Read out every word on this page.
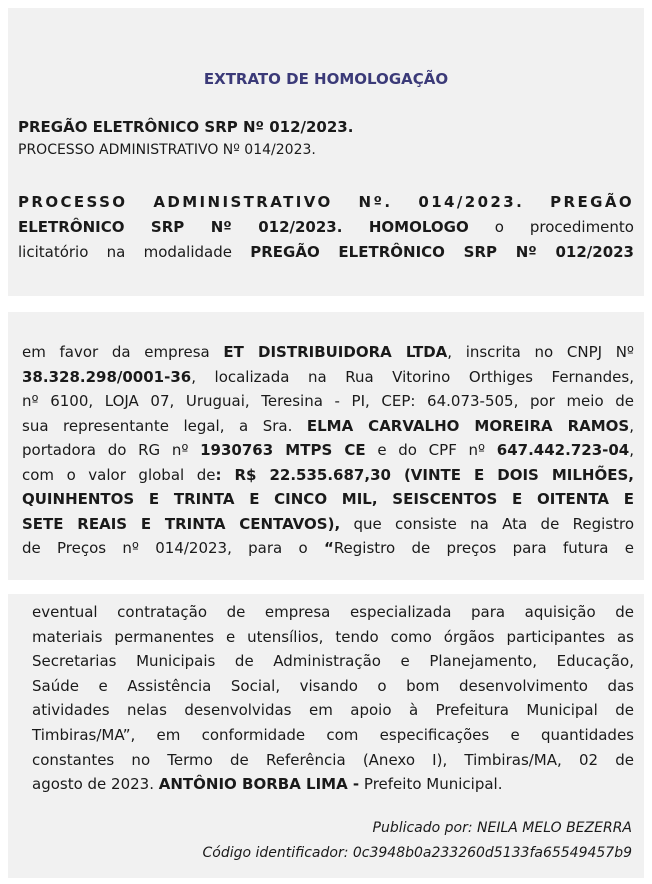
EXTRATO DE HOMOLOGAÇÃO
PREGÃO ELETRÔNICO SRP Nº 012/2023.
PROCESSO ADMINISTRATIVO Nº 014/2023.
PROCESSO ADMINISTRATIVO Nº. 014/2023. PREGÃO
ELETRÔNICO SRP Nº 012/2023. HOMOLOGO o procedimento
licitatório na modalidade PREGÃO ELETRÔNICO SRP Nº 012/2023
em favor da empresa ET DISTRIBUIDORA LTDA, inscrita no CNPJ Nº
38.328.298/0001-36, localizada na Rua Vitorino Orthiges Fernandes,
nº 6100, LOJA 07, Uruguai, Teresina - PI, CEP: 64.073-505, por meio de
sua representante legal, a Sra. ELMA CARVALHO MOREIRA RAMOS,
portadora do RG nº 1930763 MTPS CE e do CPF nº 647.442.723-04,
com o valor global de: R$ 22.535.687,30 (VINTE E DOIS MILHÕES,
QUINHENTOS E TRINTA E CINCO MIL, SEISCENTOS E OITENTA E
SETE REAIS E TRINTA CENTAVOS), que consiste na Ata de Registro
de Preços nº 014/2023, para o “Registro de preços para futura e
eventual contratação de empresa especializada para aquisição de
materiais permanentes e utensílios, tendo como órgãos participantes as
Secretarias Municipais de Administração e Planejamento, Educação,
Saúde e Assistência Social, visando o bom desenvolvimento das
atividades nelas desenvolvidas em apoio à Prefeitura Municipal de
Timbiras/MA”, em conformidade com especificações e quantidades
constantes no Termo de Referência (Anexo I), Timbiras/MA, 02 de
agosto de 2023. ANTÔNIO BORBA LIMA - Prefeito Municipal.
Publicado por: NEILA MELO BEZERRA
Código identificador: 0c3948b0a233260d5133fa65549457b9
